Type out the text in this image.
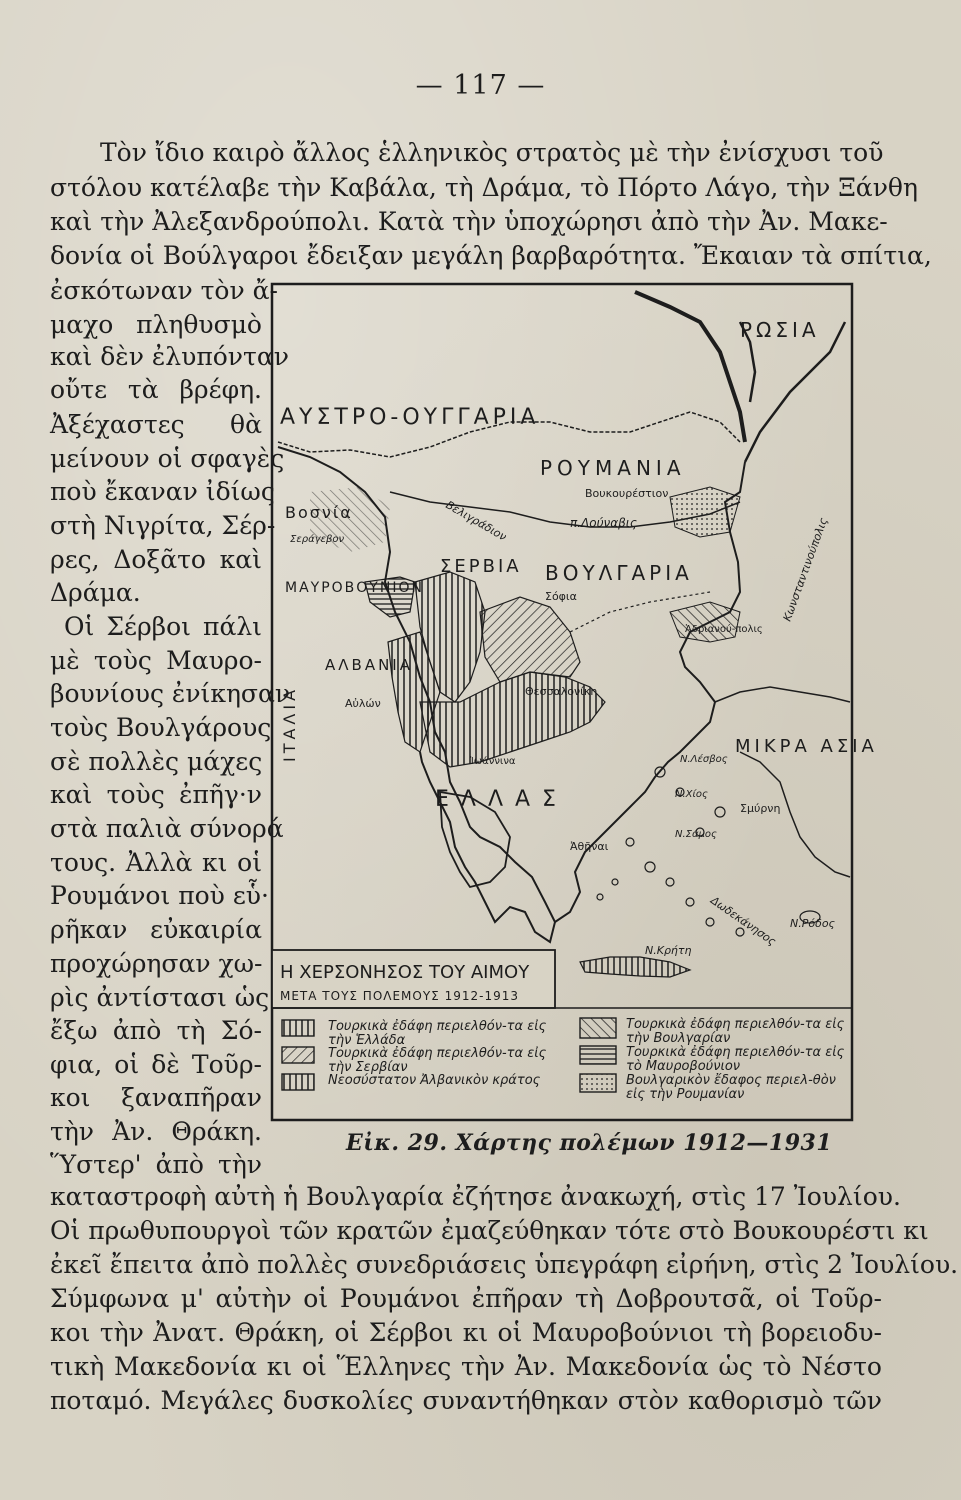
— 117 —
Τὸν ἴδιο καιρὸ ἄλλος ἑλληνικὸς στρατὸς μὲ τὴν ἐνίσχυσι τοῦ
στόλου κατέλαβε τὴν Καβάλα, τὴ Δράμα, τὸ Πόρτο Λάγο, τὴν Ξάνθη
καὶ τὴν Ἀλεξανδρούπολι. Κατὰ τὴν ὑποχώρησι ἀπὸ τὴν Ἀν. Μακε-
δονία οἱ Βούλγαροι ἔδειξαν μεγάλη βαρβαρότητα. Ἔκαιαν τὰ σπίτια,
ἐσκότωναν τὸν ἄ-
μαχο πληθυσμὸ
καὶ δὲν ἐλυπόνταν
οὔτε τὰ βρέφη.
Ἀξέχαστες θὰ
μείνουν οἱ σφαγὲς
ποὺ ἔκαναν ἰδίως
στὴ Νιγρίτα, Σέρ-
ρες, Δοξᾶτο καὶ
Δράμα.
Οἱ Σέρβοι πάλι
μὲ τοὺς Μαυρο-
βουνίους ἐνίκησαν
τοὺς Βουλγάρους
σὲ πολλὲς μάχες
καὶ τοὺς ἐπῆγ·ν
στὰ παλιὰ σύνορά
τους. Ἀλλὰ κι οἱ
Ρουμάνοι ποὺ εὗ·
ρῆκαν εὐκαιρία
προχώρησαν χω-
ρὶς ἀντίστασι ὡς
ἔξω ἀπὸ τὴ Σό-
φια, οἱ δὲ Τοῦρ-
κοι ξαναπῆραν
τὴν Ἀν. Θράκη.
Ὕστερ' ἀπὸ τὴν
ΑΥΣΤΡΟ-ΟΥΓΓΑΡΙΑ
ΡΩΣΙΑ
ΡΟΥΜΑΝΙΑ
Βουκουρέστιον
π.Δούναβις
Βοσνία
Σεράγεβον	Βελιγράδιον
ΣΕΡΒΙΑ ΒΟΥΛΓΑΡΙΑ
Σόφια
ΜΑΥΡΟΒΟΥΝΙΟΝ
ΙΤΑΛΙΑ
ΑΛΒΑΝΙΑ
Αὐλών
Θεσσαλονίκη
Ἀδριανού-πολις
Κωνσταντινούπολις
ΜΙΚΡΑ ΑΣΙΑ
Σμύρνη
Ἰωάννινα
ΕΛΛΑΣ
Ἀθῆναι
Ν.Χίος
Ν.Σάμος
Ν.Λέσβος
Ν.Ρόδος
Δωδεκάνησος
Ν.Κρήτη
Η ΧΕΡΣΟΝΗΣΟΣ ΤΟΥ ΑΙΜΟΥ
ΜΕΤΑ ΤΟΥΣ ΠΟΛΕΜΟΥΣ 1912-1913
Τουρκικὰ ἐδάφη περιελθόν-τα εἰς τὴν Ἑλλάδα
Τουρκικὰ ἐδάφη περιελθόν-τα εἰς τὴν Σερβίαν
Νεοσύστατον Ἀλβανικὸν κράτος
Τουρκικὰ ἐδάφη περιελθόν-τα εἰς τὴν Βουλγαρίαν
Τουρκικὰ ἐδάφη περιελθόν-τα εἰς τὸ Μαυροβούνιον
Βουλγαρικὸν ἔδαφος περιελ-θὸν εἰς τὴν Ρουμανίαν
Εἰκ. 29. Χάρτης πολέμων 1912—1931
καταστροφὴ αὐτὴ ἡ Βουλγαρία ἐζήτησε ἀνακωχή, στὶς 17 Ἰουλίου.
Οἱ πρωθυπουργοὶ τῶν κρατῶν ἐμαζεύθηκαν τότε στὸ Βουκουρέστι κι
ἐκεῖ ἔπειτα ἀπὸ πολλὲς συνεδριάσεις ὑπεγράφη εἰρήνη, στὶς 2 Ἰουλίου.
Σύμφωνα μ' αὐτὴν οἱ Ρουμάνοι ἐπῆραν τὴ Δοβρουτσᾶ, οἱ Τοῦρ-
κοι τὴν Ἀνατ. Θράκη, οἱ Σέρβοι κι οἱ Μαυροβούνιοι τὴ βορειοδυ-
τικὴ Μακεδονία κι οἱ Ἕλληνες τὴν Ἀν. Μακεδονία ὡς τὸ Νέστο
ποταμό. Μεγάλες δυσκολίες συναντήθηκαν στὸν καθορισμὸ τῶν
